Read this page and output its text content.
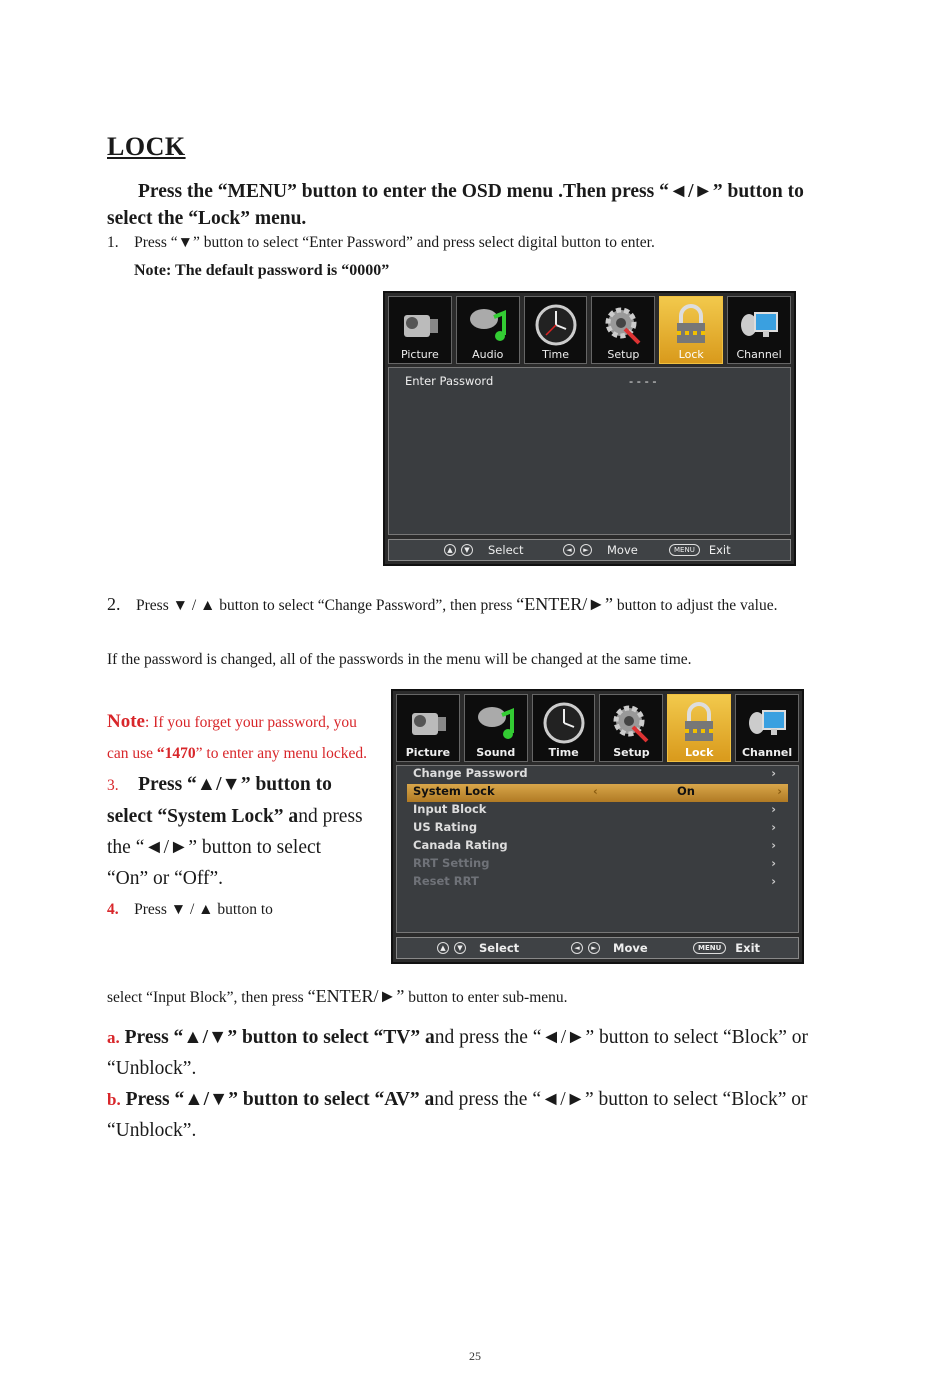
LOCK
Press the “MENU” button to enter the OSD menu .Then press “◄/►” button to select the “Lock” menu.
1. Press “▼” button to select “Enter Password” and press select digital button to enter.
Note: The default password is “0000”
Picture	Audio	Time	Setup	Lock	Channel
Enter Password	- - - -
▲	▼ Select	◄	► Move	MENU	Exit
2. Press ▼ / ▲ button to select “Change Password”, then press “ENTER/►” button to adjust the value.
If the password is changed, all of the passwords in the menu will be changed at the same time.
Note: If you forget your password, you can use “1470” to enter any menu locked.
3. Press “▲/▼” button to select “System Lock” and press the “◄/►” button to select “On” or “Off”.
4. Press ▼ / ▲ button to
Picture	Sound	Time	Setup	Lock	Channel
Change Password	›
System Lock	‹	On	›
Input Block	›
US Rating	›
Canada Rating	›
RRT Setting	›
Reset RRT	›
▲	▼ Select	◄	► Move	MENU	Exit
select “Input Block”, then press “ENTER/►” button to enter sub-menu.
a. Press “▲/▼” button to select “TV” and press the “◄/►” button to select “Block” or “Unblock”.
b. Press “▲/▼” button to select “AV” and press the “◄/►” button to select “Block” or “Unblock”.
25
